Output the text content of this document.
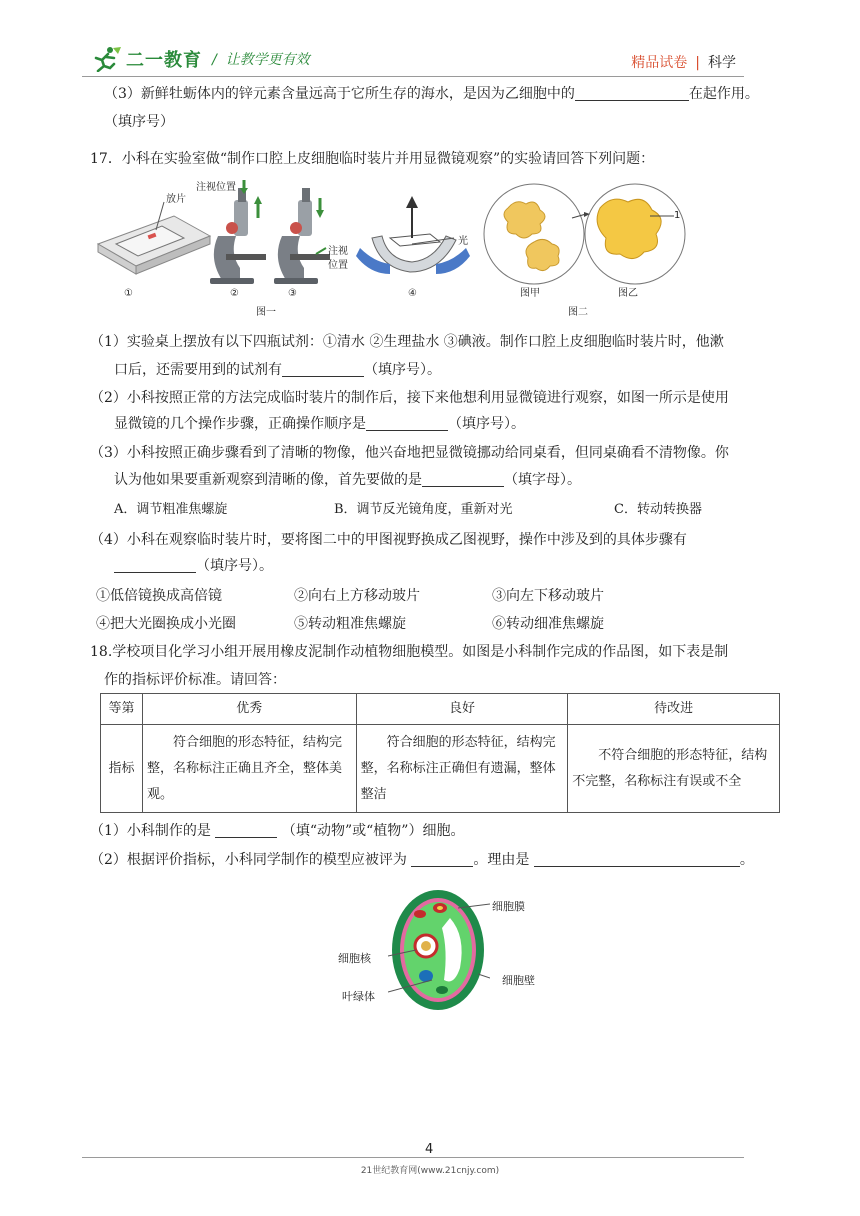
二一教育 /  让教学更有效	精品试卷 | 科学
（3）新鲜牡蛎体内的锌元素含量远高于它所生存的海水，是因为乙细胞中的	在起作用。
（填序号）
17．小科在实验室做“制作口腔上皮细胞临时装片并用显微镜观察”的实验请回答下列问题：
放片
注视位置
注视
位置
光
1
①	②	③	④	图甲	图乙
图一	图二
（1）实验桌上摆放有以下四瓶试剂：①清水 ②生理盐水 ③碘液。制作口腔上皮细胞临时装片时，他漱
口后，还需要用到的试剂有	（填序号）。
（2）小科按照正常的方法完成临时装片的制作后，接下来他想利用显微镜进行观察，如图一所示是使用
显微镜的几个操作步骤，正确操作顺序是	（填序号）。
（3）小科按照正确步骤看到了清晰的物像，他兴奋地把显微镜挪动给同桌看，但同桌确看不清物像。你
认为他如果要重新观察到清晰的像，首先要做的是	（填字母）。
A．调节粗准焦螺旋	B．调节反光镜角度，重新对光	C．转动转换器
（4）小科在观察临时装片时，要将图二中的甲图视野换成乙图视野，操作中涉及到的具体步骤有
（填序号）。
①低倍镜换成高倍镜	②向右上方移动玻片	③向左下移动玻片
④把大光圈换成小光圈	⑤转动粗准焦螺旋	⑥转动细准焦螺旋
18.学校项目化学习小组开展用橡皮泥制作动植物细胞模型。如图是小科制作完成的作品图，如下表是制
作的指标评价标准。请回答：
等第	优秀	良好	待改进
指标	　　符合细胞的形态特征，结构完整，名称标注正确且齐全，整体美观。	　　符合细胞的形态特征，结构完整，名称标注正确但有遗漏，整体整洁	　　不符合细胞的形态特征，结构不完整，名称标注有误或不全
（1）小科制作的是	（填“动物”或“植物”）细胞。
（2）根据评价指标，小科同学制作的模型应被评为	。理由是	。
细胞膜
细胞核
细胞壁
叶绿体
4
21世纪教育网(www.21cnjy.com)
